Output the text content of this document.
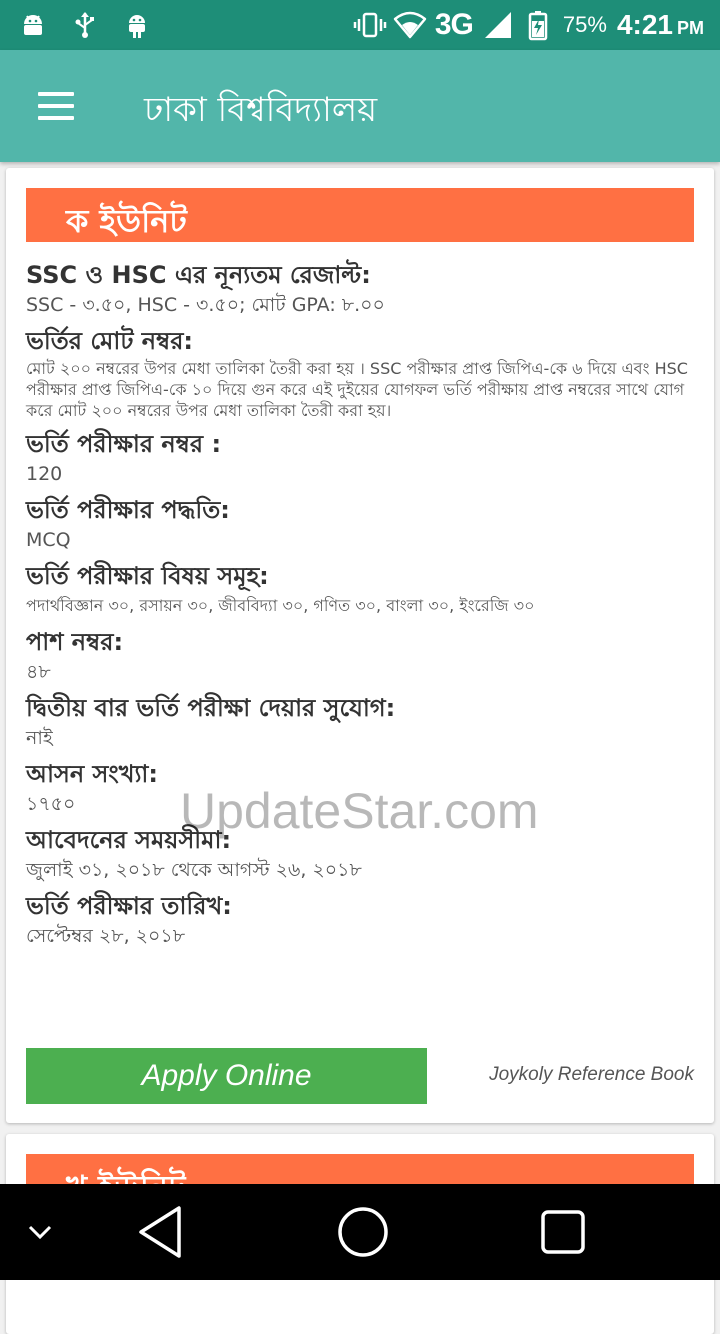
3G	75% 4:21 PM
ঢাকা বিশ্ববিদ্যালয়
ক ইউনিট
SSC ও HSC এর নূন্যতম রেজাল্ট:
SSC - ৩.৫০, HSC - ৩.৫০; মোট GPA: ৮.০০
ভর্তির মোট নম্বর:
মোট ২০০ নম্বরের উপর মেধা তালিকা তৈরী করা হয় । SSC পরীক্ষার প্রাপ্ত জিপিএ-কে ৬ দিয়ে এবং HSC পরীক্ষার প্রাপ্ত জিপিএ-কে ১০ দিয়ে গুন করে এই দুইয়ের যোগফল ভর্তি পরীক্ষায় প্রাপ্ত নম্বরের সাথে যোগ করে মোট ২০০ নম্বরের উপর মেধা তালিকা তৈরী করা হয়।
ভর্তি পরীক্ষার নম্বর :
120
ভর্তি পরীক্ষার পদ্ধতি:
MCQ
ভর্তি পরীক্ষার বিষয় সমূহ:
পদার্থবিজ্ঞান ৩০, রসায়ন ৩০, জীববিদ্যা ৩০, গণিত ৩০, বাংলা ৩০, ইংরেজি ৩০
পাশ নম্বর:
৪৮
দ্বিতীয় বার ভর্তি পরীক্ষা দেয়ার সুযোগ:
নাই
আসন সংখ্যা:
১৭৫০
আবেদনের সময়সীমা:
জুলাই ৩১, ২০১৮ থেকে আগস্ট ২৬, ২০১৮
ভর্তি পরীক্ষার তারিখ:
সেপ্টেম্বর ২৮, ২০১৮
Apply Online	Joykoly Reference Book
UpdateStar.com
